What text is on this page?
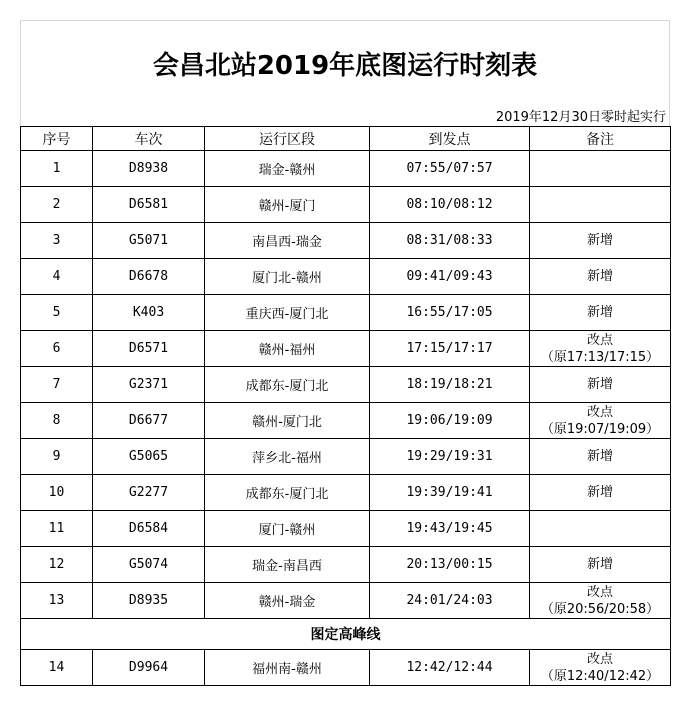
会昌北站2019年底图运行时刻表
2019年12月30日零时起实行
序号	车次	运行区段	到发点	备注
1	D8938	瑞金-赣州	07:55/07:57	

2	D6581	赣州-厦门	08:10/08:12	

3	G5071	南昌西-瑞金	08:31/08:33	新增

4	D6678	厦门北-赣州	09:41/09:43	新增

5	K403	重庆西-厦门北	16:55/17:05	新增

6	D6571	赣州-福州	17:15/17:17	改点
（原17:13/17:15）

7	G2371	成都东-厦门北	18:19/18:21	新增

8	D6677	赣州-厦门北	19:06/19:09	改点
（原19:07/19:09）

9	G5065	萍乡北-福州	19:29/19:31	新增

10	G2277	成都东-厦门北	19:39/19:41	新增

11	D6584	厦门-赣州	19:43/19:45	

12	G5074	瑞金-南昌西	20:13/00:15	新增

13	D8935	赣州-瑞金	24:01/24:03	改点
（原20:56/20:58）

图定高峰线				
14	D9964	福州南-赣州	12:42/12:44	改点
（原12:40/12:42）
